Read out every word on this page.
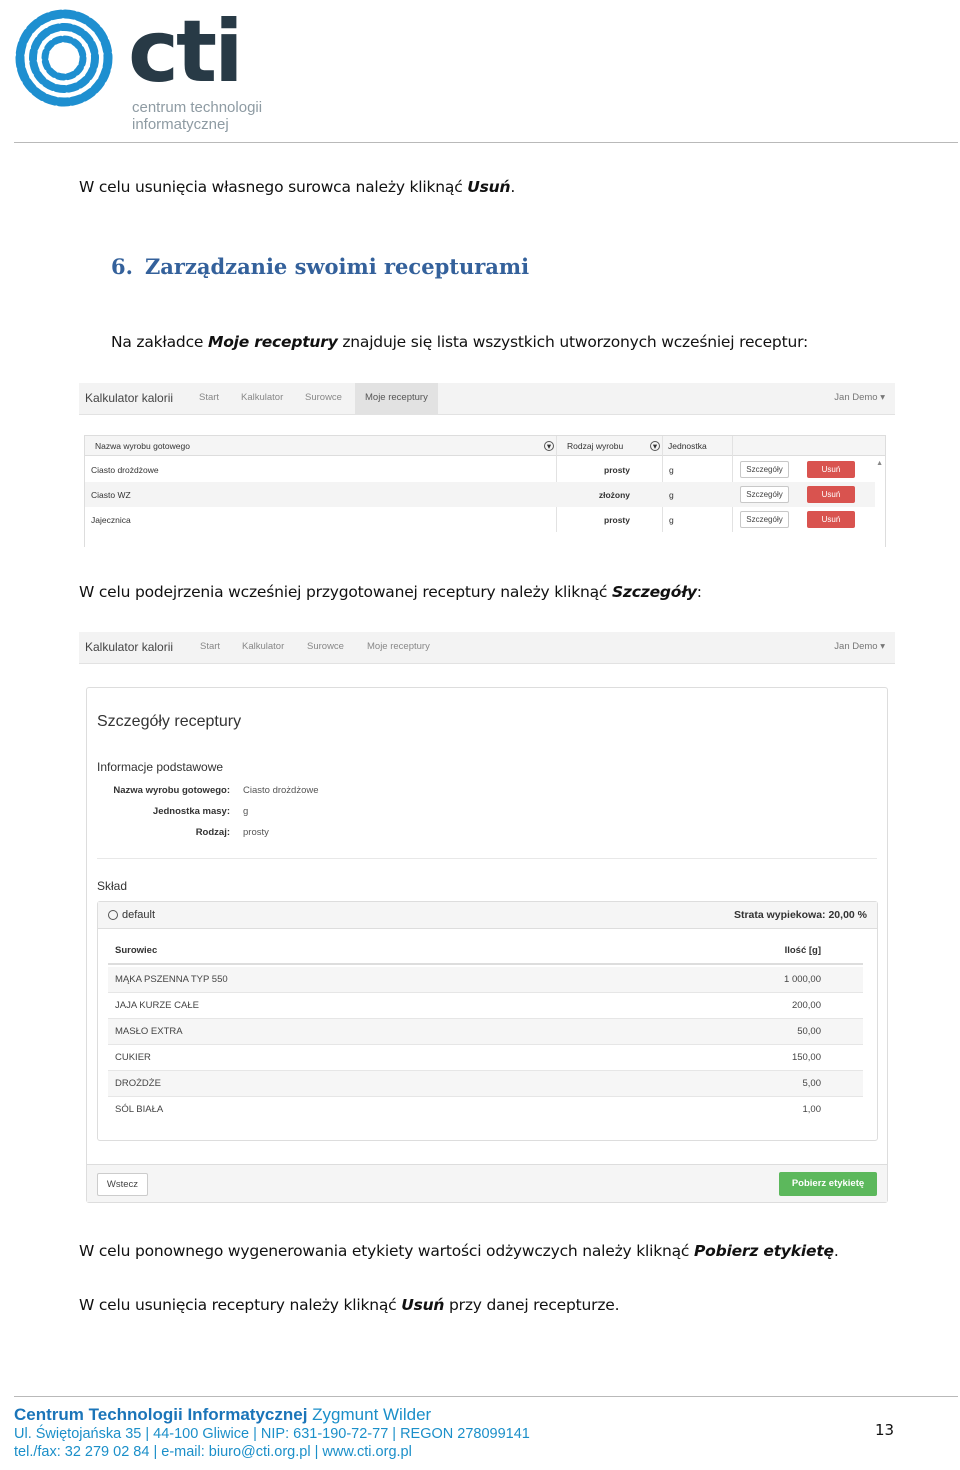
cti
centrum technologii
informatycznej
W celu usunięcia własnego surowca należy kliknąć Usuń.
6. Zarządzanie swoimi recepturami
Na zakładce Moje receptury znajduje się lista wszystkich utworzonych wcześniej receptur:
Kalkulator kalorii	Start Kalkulator Surowce	Moje receptury	Jan Demo ▾
Nazwa wyrobu gotowego	▾	Rodzaj wyrobu	▾	Jednostka
Ciasto drożdżowe	prosty	g	Szczegóły	Usuń
Ciasto WZ	złożony	g	Szczegóły	Usuń
Jajecznica	prosty	g	Szczegóły	Usuń
▲
W celu podejrzenia wcześniej przygotowanej receptury należy kliknąć Szczegóły:
Kalkulator kalorii	Start Kalkulator Surowce Moje receptury	Jan Demo ▾
Szczegóły receptury
Informacje podstawowe
Nazwa wyrobu gotowego: Ciasto drożdżowe
Jednostka masy: g
Rodzaj: prosty
Skład
default	Strata wypiekowa: 20,00 %
Surowiec	Ilość [g]
MĄKA PSZENNA TYP 550	1 000,00
JAJA KURZE CAŁE	200,00
MASŁO EXTRA	50,00
CUKIER	150,00
DROŻDŻE	5,00
SÓL BIAŁA	1,00
Wstecz	Pobierz etykietę
W celu ponownego wygenerowania etykiety wartości odżywczych należy kliknąć Pobierz etykietę.
W celu usunięcia receptury należy kliknąć Usuń przy danej recepturze.
Centrum Technologii Informatycznej Zygmunt Wilder
Ul. Świętojańska 35 | 44-100 Gliwice | NIP: 631-190-72-77 | REGON 278099141
tel./fax: 32 279 02 84 | e-mail: biuro@cti.org.pl | www.cti.org.pl
13
